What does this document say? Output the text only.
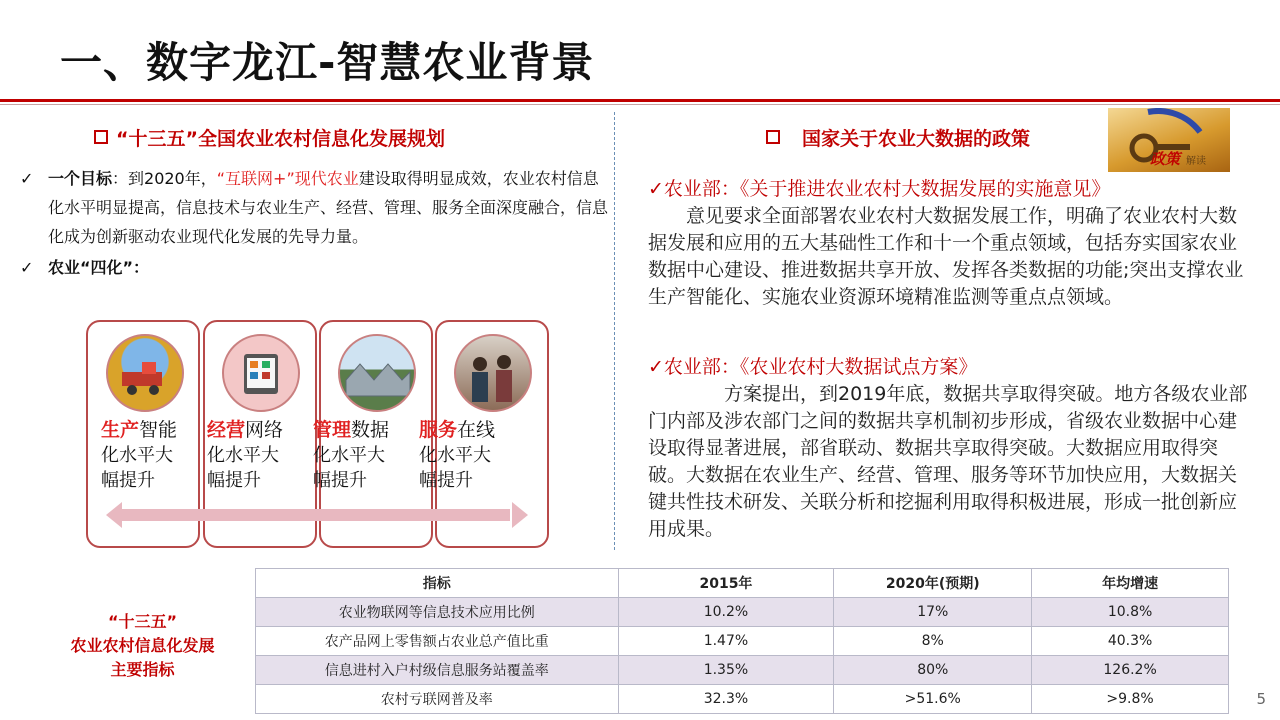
一、数字龙江-智慧农业背景
“十三五”全国农业农村信息化发展规划
✓ 一个目标：到2020年，“互联网+”现代农业建设取得明显成效，农业农村信息化水平明显提高，信息技术与农业生产、经营、管理、服务全面深度融合，信息化成为创新驱动农业现代化发展的先导力量。
✓ 农业“四化”：
生产智能 经营网络 管理数据 服务在线
化水平大 化水平大 化水平大 化水平大
幅提升	幅提升	幅提升	幅提升
国家关于农业大数据的政策
政策 解读
✓农业部：《关于推进农业农村大数据发展的实施意见》
意见要求全面部署农业农村大数据发展工作，明确了农业农村大数据发展和应用的五大基础性工作和十一个重点领域，包括夯实国家农业数据中心建设、推进数据共享开放、发挥各类数据的功能;突出支撑农业生产智能化、实施农业资源环境精准监测等重点点领域。
✓农业部：《农业农村大数据试点方案》
方案提出，到2019年底，数据共享取得突破。地方各级农业部门内部及涉农部门之间的数据共享机制初步形成，省级农业数据中心建设取得显著进展，部省联动、数据共享取得突破。大数据应用取得突破。大数据在农业生产、经营、管理、服务等环节加快应用，大数据关键共性技术研发、关联分析和挖掘利用取得积极进展，形成一批创新应用成果。
“十三五”
农业农村信息化发展
主要指标
指标	2015年	2020年(预期)	年均增速
农业物联网等信息技术应用比例	10.2%	17%	10.8%
农产品网上零售额占农业总产值比重	1.47%	8%	40.3%
信息进村入户村级信息服务站覆盖率	1.35%	80%	126.2%
农村亏联网普及率	32.3%	>51.6%	>9.8%	5
